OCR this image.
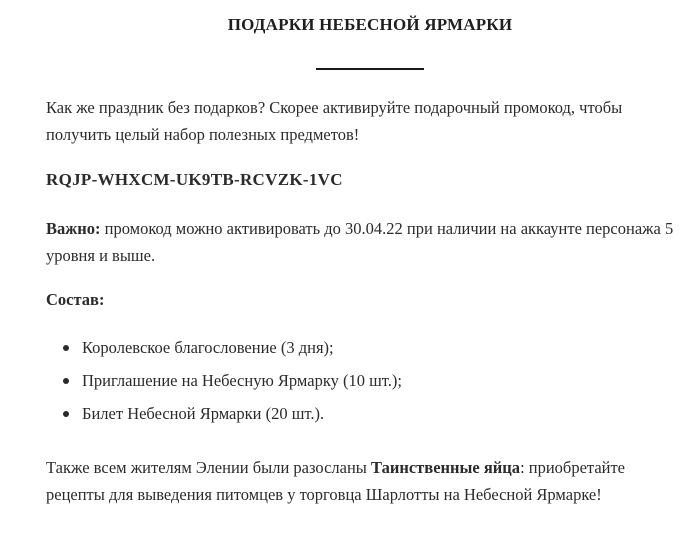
ПОДАРКИ НЕБЕСНОЙ ЯРМАРКИ

Как же праздник без подарков? Скорее активируйте подарочный промокод, чтобы получить целый набор полезных предметов!

RQJP-WHXCM-UK9TB-RCVZK-1VC

Важно: промокод можно активировать до 30.04.22 при наличии на аккаунте персонажа 5 уровня и выше.

Состав:

Королевское благословение (3 дня);
Приглашение на Небесную Ярмарку (10 шт.);
Билет Небесной Ярмарки (20 шт.).

Также всем жителям Элении были разосланы Таинственные яйца: приобретайте рецепты для выведения питомцев у торговца Шарлотты на Небесной Ярмарке!
